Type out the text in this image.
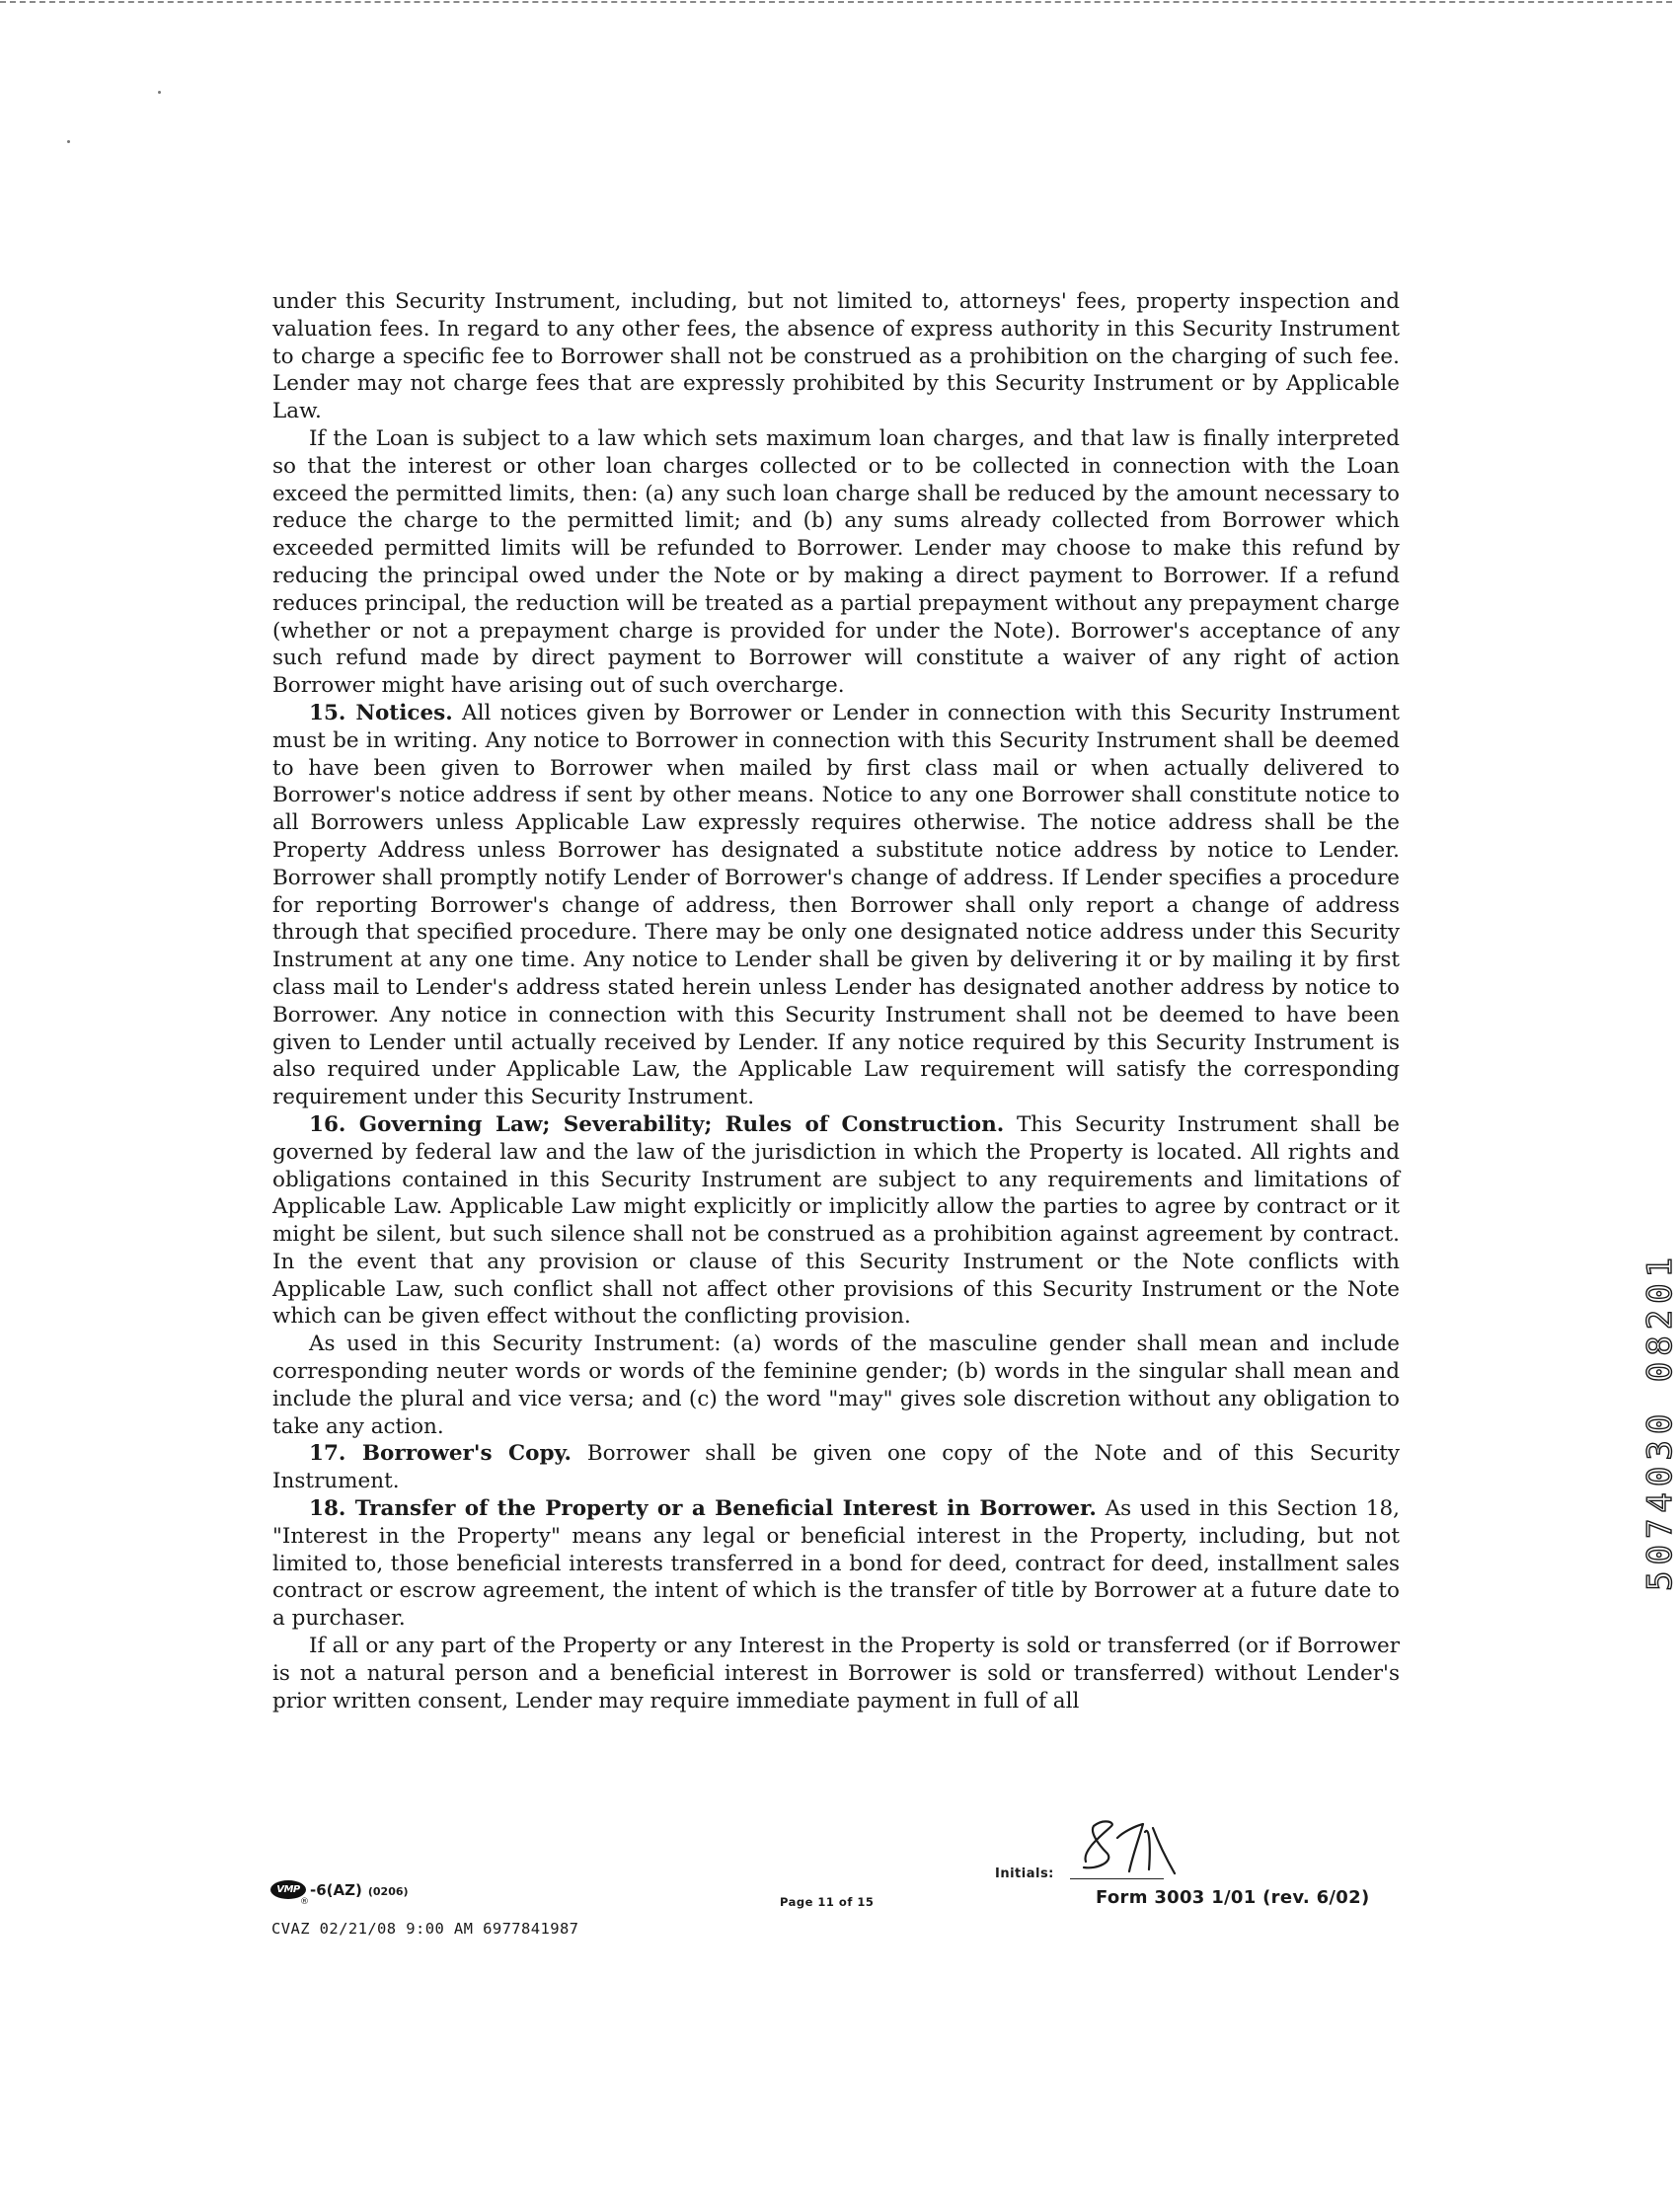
under this Security Instrument, including, but not limited to, attorneys' fees, property inspection and valuation fees. In regard to any other fees, the absence of express authority in this Security Instrument to charge a specific fee to Borrower shall not be construed as a prohibition on the charging of such fee. Lender may not charge fees that are expressly prohibited by this Security Instrument or by Applicable Law.

If the Loan is subject to a law which sets maximum loan charges, and that law is finally interpreted so that the interest or other loan charges collected or to be collected in connection with the Loan exceed the permitted limits, then: (a) any such loan charge shall be reduced by the amount necessary to reduce the charge to the permitted limit; and (b) any sums already collected from Borrower which exceeded permitted limits will be refunded to Borrower. Lender may choose to make this refund by reducing the principal owed under the Note or by making a direct payment to Borrower. If a refund reduces principal, the reduction will be treated as a partial prepayment without any prepayment charge (whether or not a prepayment charge is provided for under the Note). Borrower's acceptance of any such refund made by direct payment to Borrower will constitute a waiver of any right of action Borrower might have arising out of such overcharge.

15. Notices. All notices given by Borrower or Lender in connection with this Security Instrument must be in writing. Any notice to Borrower in connection with this Security Instrument shall be deemed to have been given to Borrower when mailed by first class mail or when actually delivered to Borrower's notice address if sent by other means. Notice to any one Borrower shall constitute notice to all Borrowers unless Applicable Law expressly requires otherwise. The notice address shall be the Property Address unless Borrower has designated a substitute notice address by notice to Lender. Borrower shall promptly notify Lender of Borrower's change of address. If Lender specifies a procedure for reporting Borrower's change of address, then Borrower shall only report a change of address through that specified procedure. There may be only one designated notice address under this Security Instrument at any one time. Any notice to Lender shall be given by delivering it or by mailing it by first class mail to Lender's address stated herein unless Lender has designated another address by notice to Borrower. Any notice in connection with this Security Instrument shall not be deemed to have been given to Lender until actually received by Lender. If any notice required by this Security Instrument is also required under Applicable Law, the Applicable Law requirement will satisfy the corresponding requirement under this Security Instrument.

16. Governing Law; Severability; Rules of Construction. This Security Instrument shall be governed by federal law and the law of the jurisdiction in which the Property is located. All rights and obligations contained in this Security Instrument are subject to any requirements and limitations of Applicable Law. Applicable Law might explicitly or implicitly allow the parties to agree by contract or it might be silent, but such silence shall not be construed as a prohibition against agreement by contract. In the event that any provision or clause of this Security Instrument or the Note conflicts with Applicable Law, such conflict shall not affect other provisions of this Security Instrument or the Note which can be given effect without the conflicting provision.

As used in this Security Instrument: (a) words of the masculine gender shall mean and include corresponding neuter words or words of the feminine gender; (b) words in the singular shall mean and include the plural and vice versa; and (c) the word "may" gives sole discretion without any obligation to take any action.

17. Borrower's Copy. Borrower shall be given one copy of the Note and of this Security Instrument.

18. Transfer of the Property or a Beneficial Interest in Borrower. As used in this Section 18, "Interest in the Property" means any legal or beneficial interest in the Property, including, but not limited to, those beneficial interests transferred in a bond for deed, contract for deed, installment sales contract or escrow agreement, the intent of which is the transfer of title by Borrower at a future date to a purchaser.

If all or any part of the Property or any Interest in the Property is sold or transferred (or if Borrower is not a natural person and a beneficial interest in Borrower is sold or transferred) without Lender's prior written consent, Lender may require immediate payment in full of all

VMP
®
-6(AZ) (0206)
CVAZ 02/21/08 9:00 AM 6977841987
Page 11 of 15
Initials:
Form 3003 1/01 (rev. 6/02)
5074030 08201
